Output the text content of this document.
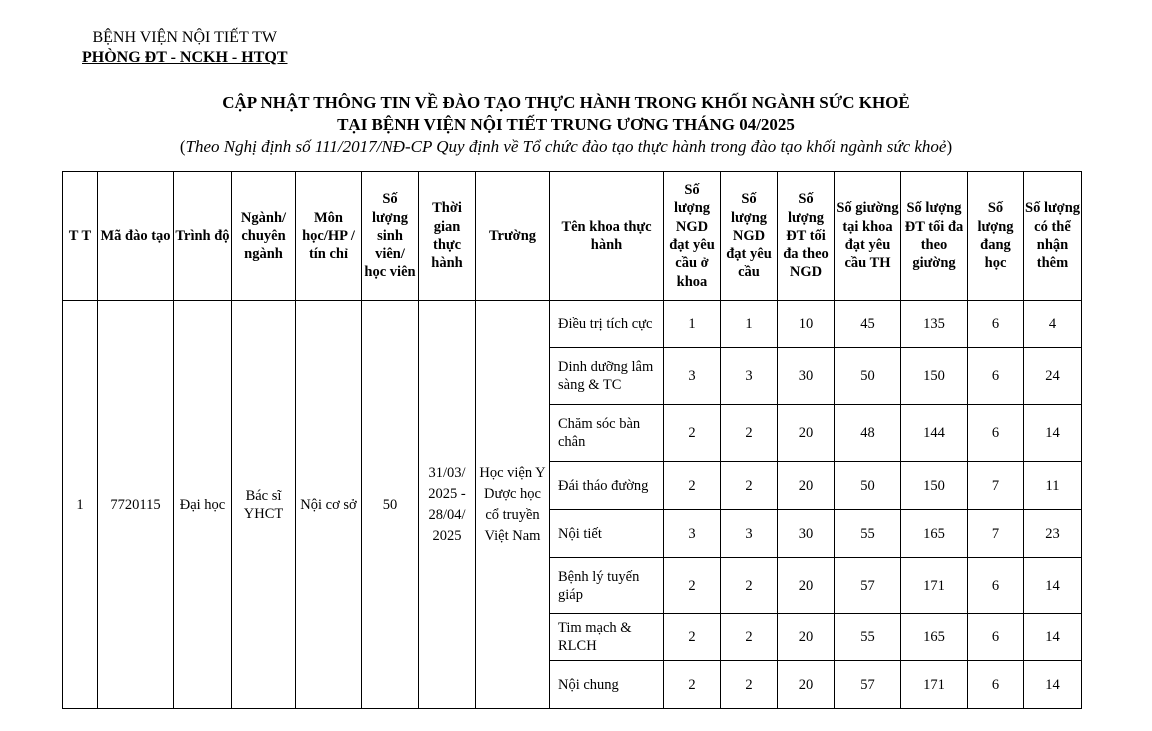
BỆNH VIỆN NỘI TIẾT TW
PHÒNG ĐT - NCKH - HTQT
CẬP NHẬT THÔNG TIN VỀ ĐÀO TẠO THỰC HÀNH TRONG KHỐI NGÀNH SỨC KHOẺ
TẠI BỆNH VIỆN NỘI TIẾT TRUNG ƯƠNG THÁNG 04/2025
(Theo Nghị định số 111/2017/NĐ-CP Quy định về Tổ chức đào tạo thực hành trong đào tạo khối ngành sức khoẻ)
T T	Mã đào tạo	Trình độ	Ngành/ chuyên ngành	Môn học/HP / tín chỉ	Số lượng sinh viên/ học viên	Thời gian thực hành	Trường	Tên khoa thực hành	Số lượng NGD đạt yêu cầu ở khoa	Số lượng NGD đạt yêu cầu	Số lượng ĐT tối đa theo NGD	Số giường tại khoa đạt yêu cầu TH	Số lượng ĐT tối đa theo giường	Số lượng đang học	Số lượng có thể nhận thêm
1	7720115	Đại học	Bác sĩ YHCT	Nội cơ sở	50	31/03/ 2025 - 28/04/ 2025	Học viện Y Dược học cổ truyền Việt Nam	Điều trị tích cực	1	1	10	45	135	6	4
								Dinh dưỡng lâm sàng & TC	3	3	30	50	150	6	24
								Chăm sóc bàn chân	2	2	20	48	144	6	14
								Đái tháo đường	2	2	20	50	150	7	11
								Nội tiết	3	3	30	55	165	7	23
								Bệnh lý tuyến giáp	2	2	20	57	171	6	14
								Tim mạch & RLCH	2	2	20	55	165	6	14
								Nội chung	2	2	20	57	171	6	14
